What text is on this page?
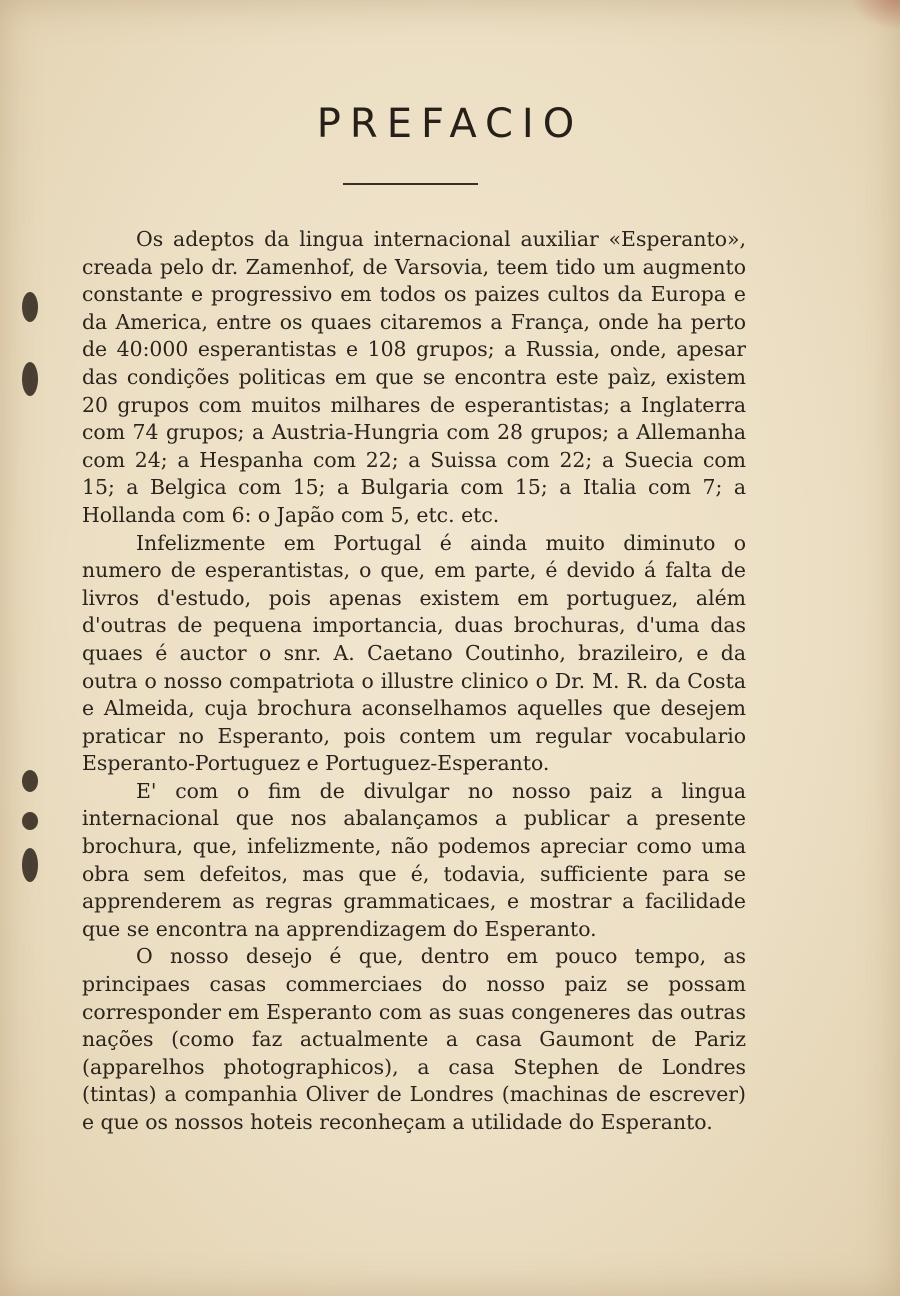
PREFACIO

Os adeptos da lingua internacional auxiliar «Esperanto», creada pelo dr. Zamenhof, de Varsovia, teem tido um augmento constante e progressivo em todos os paizes cultos da Europa e da America, entre os quaes citaremos a França, onde ha perto de 40:000 esperantistas e 108 grupos; a Russia, onde, apesar das condições politicas em que se encontra este paìz, existem 20 grupos com muitos milhares de esperantistas; a Inglaterra com 74 grupos; a Austria-Hungria com 28 grupos; a Allemanha com 24; a Hespanha com 22; a Suissa com 22; a Suecia com 15; a Belgica com 15; a Bulgaria com 15; a Italia com 7; a Hollanda com 6: o Japão com 5, etc. etc.

Infelizmente em Portugal é ainda muito diminuto o numero de esperantistas, o que, em parte, é devido á falta de livros d'estudo, pois apenas existem em portuguez, além d'outras de pequena importancia, duas brochuras, d'uma das quaes é auctor o snr. A. Caetano Coutinho, brazileiro, e da outra o nosso compatriota o illustre clinico o Dr. M. R. da Costa e Almeida, cuja brochura aconselhamos aquelles que desejem praticar no Esperanto, pois contem um regular vocabulario Esperanto-Portuguez e Portuguez-Esperanto.

E' com o fim de divulgar no nosso paiz a lingua internacional que nos abalançamos a publicar a presente brochura, que, infelizmente, não podemos apreciar como uma obra sem defeitos, mas que é, todavia, sufficiente para se apprenderem as regras grammaticaes, e mostrar a facilidade que se encontra na apprendizagem do Esperanto.

O nosso desejo é que, dentro em pouco tempo, as principaes casas commerciaes do nosso paiz se possam corresponder em Esperanto com as suas congeneres das outras nações (como faz actualmente a casa Gaumont de Pariz (apparelhos photographicos), a casa Stephen de Londres (tintas) a companhia Oliver de Londres (machinas de escrever) e que os nossos hoteis reconheçam a utilidade do Esperanto.
